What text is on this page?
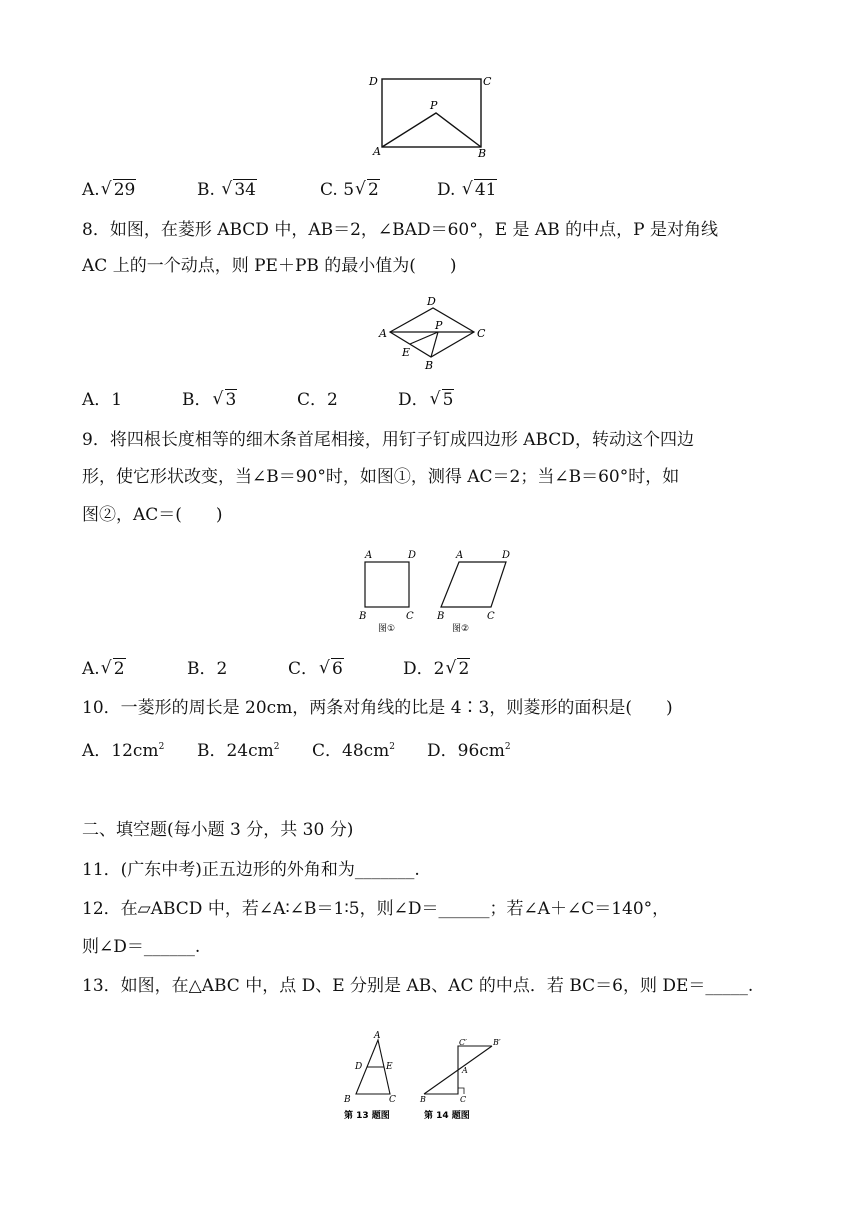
D	C
P
A	B
A. √ 29	B. √ 34	C. 5 √ 2	D. √ 41
8．如图，在菱形 ABCD 中，AB＝2，∠BAD＝60°，E 是 AB 的中点，P 是对角线
AC 上的一个动点，则 PE＋PB 的最小值为(　　)
D
A
P
C
E
B
A．1	B． √ 3	C．2	D． √ 5
9．将四根长度相等的细木条首尾相接，用钉子钉成四边形 ABCD，转动这个四边
形，使它形状改变，当∠B＝90°时，如图①，测得 AC＝2；当∠B＝60°时，如
图②，AC＝(　　)
A	D
B	C
图①
A	D
B	C
图②
A. √ 2	B．2	C． √ 6	D．2 √ 2
10．一菱形的周长是 20cm，两条对角线的比是 4∶3，则菱形的面积是(　　)
A．$12cm^2$ B．$24cm^2$ C．$48cm^2$ D．$96cm^2$
二、填空题(每小题 3 分，共 30 分)
11．(广东中考)正五边形的外角和为_______.
12．在▱ABCD 中，若∠A∶∠B＝1∶5，则∠D＝______；若∠A＋∠C＝140°，
则∠D＝______.
13．如图，在△ABC 中，点 D、E 分别是 AB、AC 的中点．若 BC＝6，则 DE＝_____.
A
D	E
B	C
第 13 题图
C′	B′
A
B	C
第 14 题图
